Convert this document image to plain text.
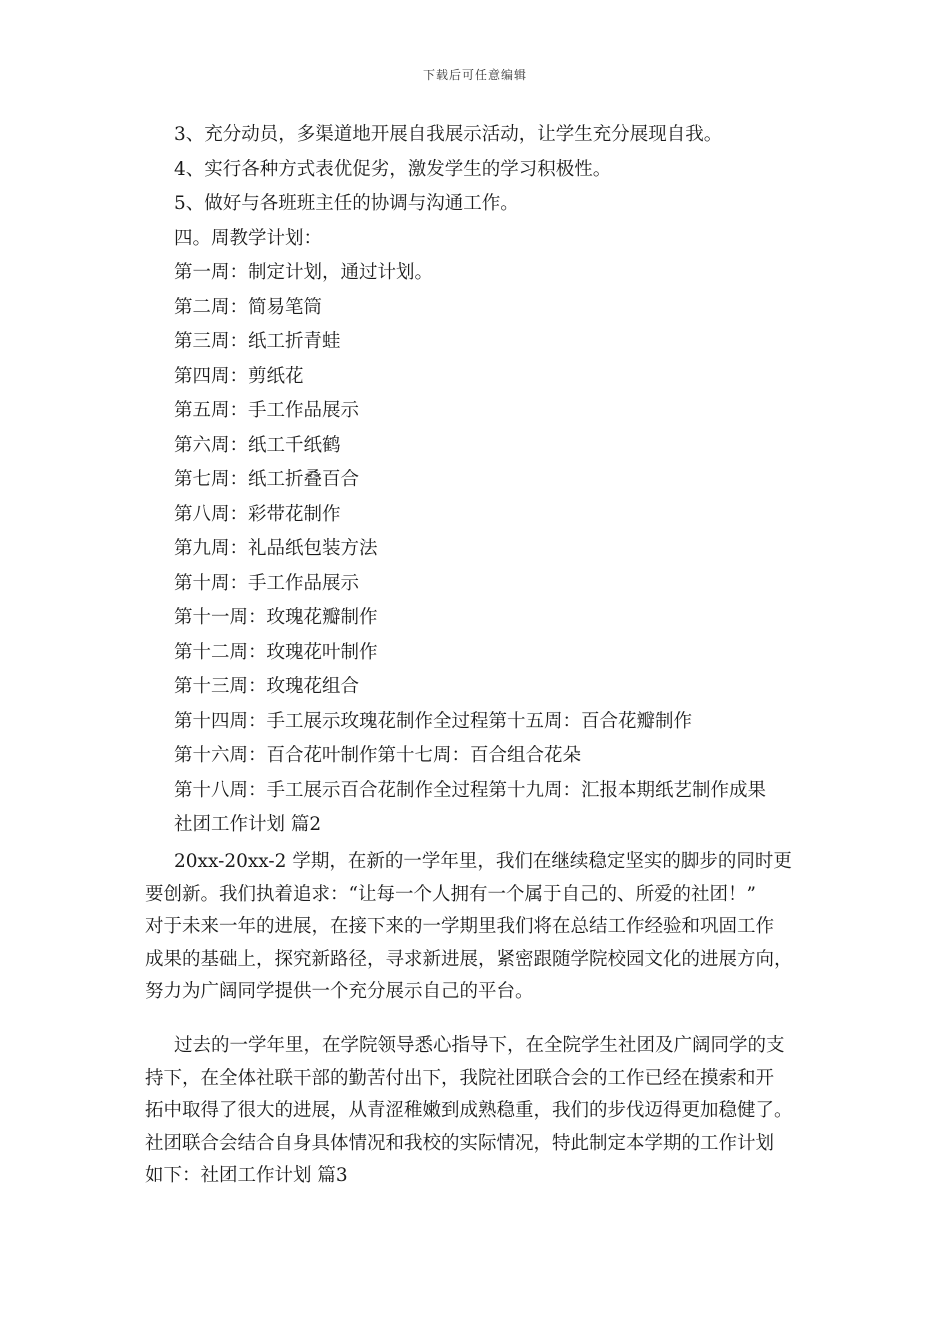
下载后可任意编辑
3、充分动员，多渠道地开展自我展示活动，让学生充分展现自我。
4、实行各种方式表优促劣，激发学生的学习积极性。
5、做好与各班班主任的协调与沟通工作。
四。周教学计划：
第一周：制定计划，通过计划。
第二周：简易笔筒
第三周：纸工折青蛙
第四周：剪纸花
第五周：手工作品展示
第六周：纸工千纸鹤
第七周：纸工折叠百合
第八周：彩带花制作
第九周：礼品纸包装方法
第十周：手工作品展示
第十一周：玫瑰花瓣制作
第十二周：玫瑰花叶制作
第十三周：玫瑰花组合
第十四周：手工展示玫瑰花制作全过程第十五周：百合花瓣制作
第十六周：百合花叶制作第十七周：百合组合花朵
第十八周：手工展示百合花制作全过程第十九周：汇报本期纸艺制作成果
社团工作计划 篇2
20xx-20xx-2 学期，在新的一学年里，我们在继续稳定坚实的脚步的同时更
要创新。我们执着追求：“让每一个人拥有一个属于自己的、所爱的社团！”
对于未来一年的进展，在接下来的一学期里我们将在总结工作经验和巩固工作
成果的基础上，探究新路径，寻求新进展，紧密跟随学院校园文化的进展方向，
努力为广阔同学提供一个充分展示自己的平台。
过去的一学年里，在学院领导悉心指导下，在全院学生社团及广阔同学的支
持下，在全体社联干部的勤苦付出下，我院社团联合会的工作已经在摸索和开
拓中取得了很大的进展，从青涩稚嫩到成熟稳重，我们的步伐迈得更加稳健了。
社团联合会结合自身具体情况和我校的实际情况，特此制定本学期的工作计划
如下：社团工作计划 篇3
